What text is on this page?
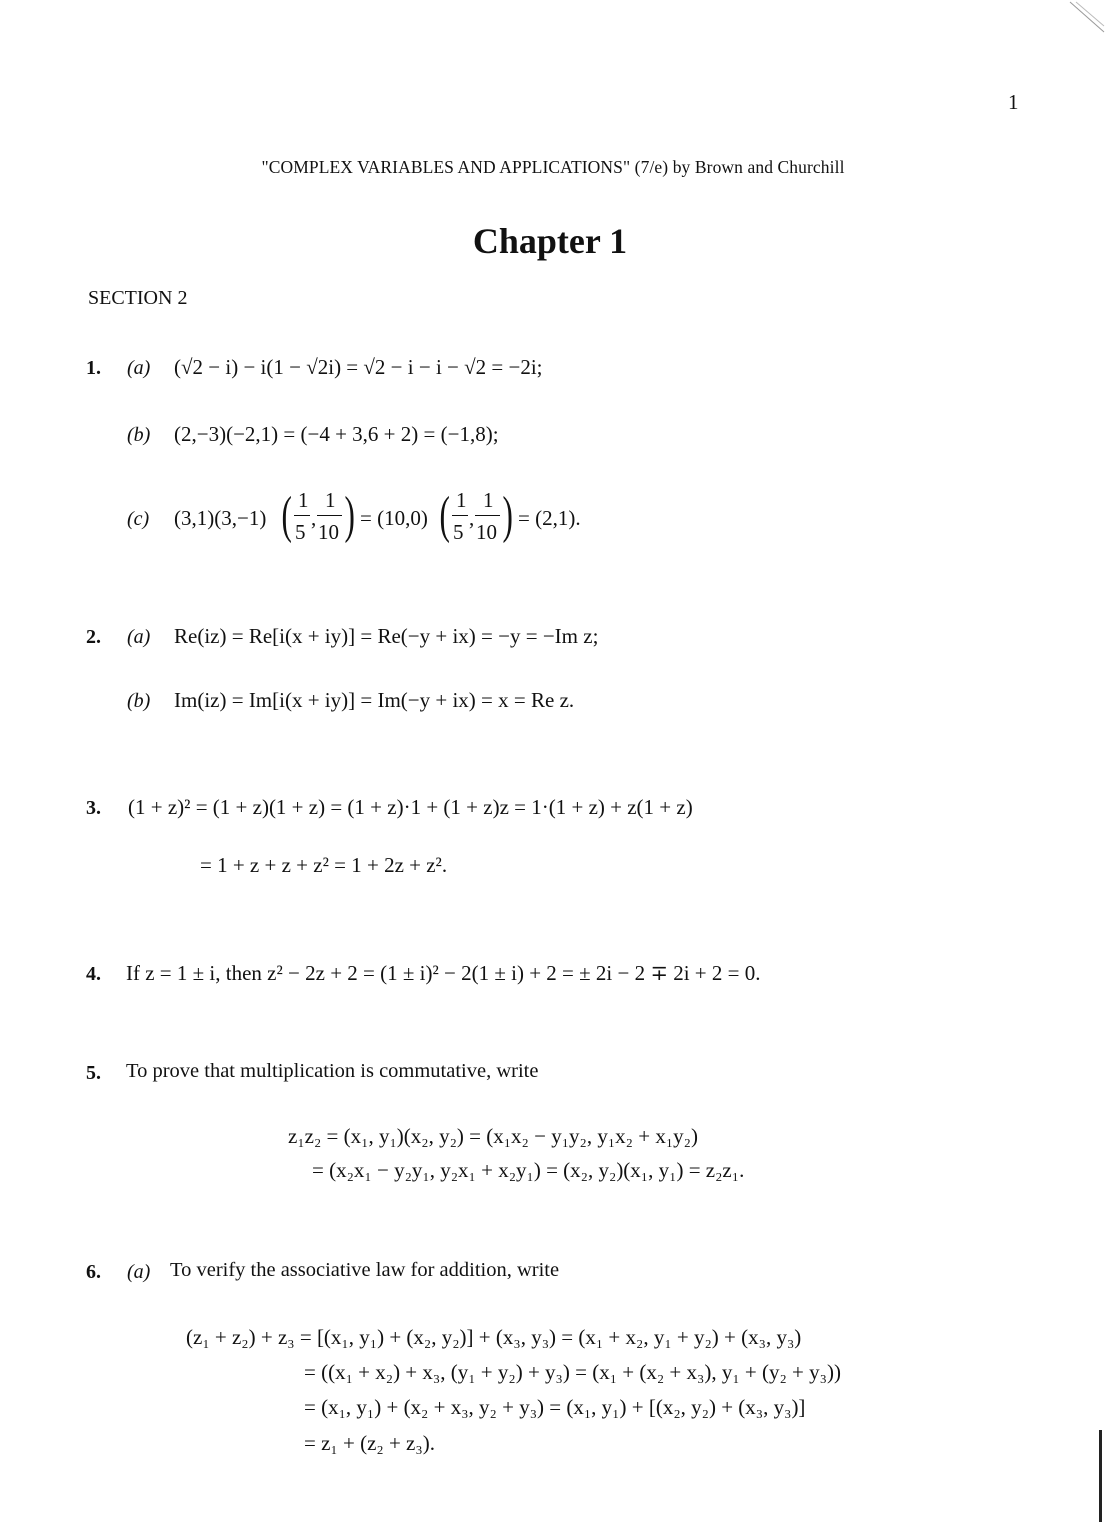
1
"COMPLEX VARIABLES AND APPLICATIONS" (7/e) by Brown and Churchill
Chapter 1
SECTION 2
1. (a) (√2 − i) − i(1 − √2i) = √2 − i − i − √2 = −2i;
(b) (2,−3)(−2,1) = (−4 + 3,6 + 2) = (−1,8);
(c) (3,1)(3,−1) ( 1
5
,
1
10 ) = (10,0) ( 1
5
,
1
10 ) = (2,1).
2. (a) Re(iz) = Re[i(x + iy)] = Re(−y + ix) = −y = −Im z;
(b) Im(iz) = Im[i(x + iy)] = Im(−y + ix) = x = Re z.
3. (1 + z)² = (1 + z)(1 + z) = (1 + z)·1 + (1 + z)z = 1·(1 + z) + z(1 + z)
= 1 + z + z + z² = 1 + 2z + z².
4. If z = 1 ± i, then z² − 2z + 2 = (1 ± i)² − 2(1 ± i) + 2 = ± 2i − 2 ∓ 2i + 2 = 0.
5. To prove that multiplication is commutative, write
z₁z₂ = (x₁, y₁)(x₂, y₂) = (x₁x₂ − y₁y₂, y₁x₂ + x₁y₂)
= (x₂x₁ − y₂y₁, y₂x₁ + x₂y₁) = (x₂, y₂)(x₁, y₁) = z₂z₁.
6. (a) To verify the associative law for addition, write
(z₁ + z₂) + z₃ = [(x₁, y₁) + (x₂, y₂)] + (x₃, y₃) = (x₁ + x₂, y₁ + y₂) + (x₃, y₃)
= ((x₁ + x₂) + x₃, (y₁ + y₂) + y₃) = (x₁ + (x₂ + x₃), y₁ + (y₂ + y₃))
= (x₁, y₁) + (x₂ + x₃, y₂ + y₃) = (x₁, y₁) + [(x₂, y₂) + (x₃, y₃)]
= z₁ + (z₂ + z₃).
